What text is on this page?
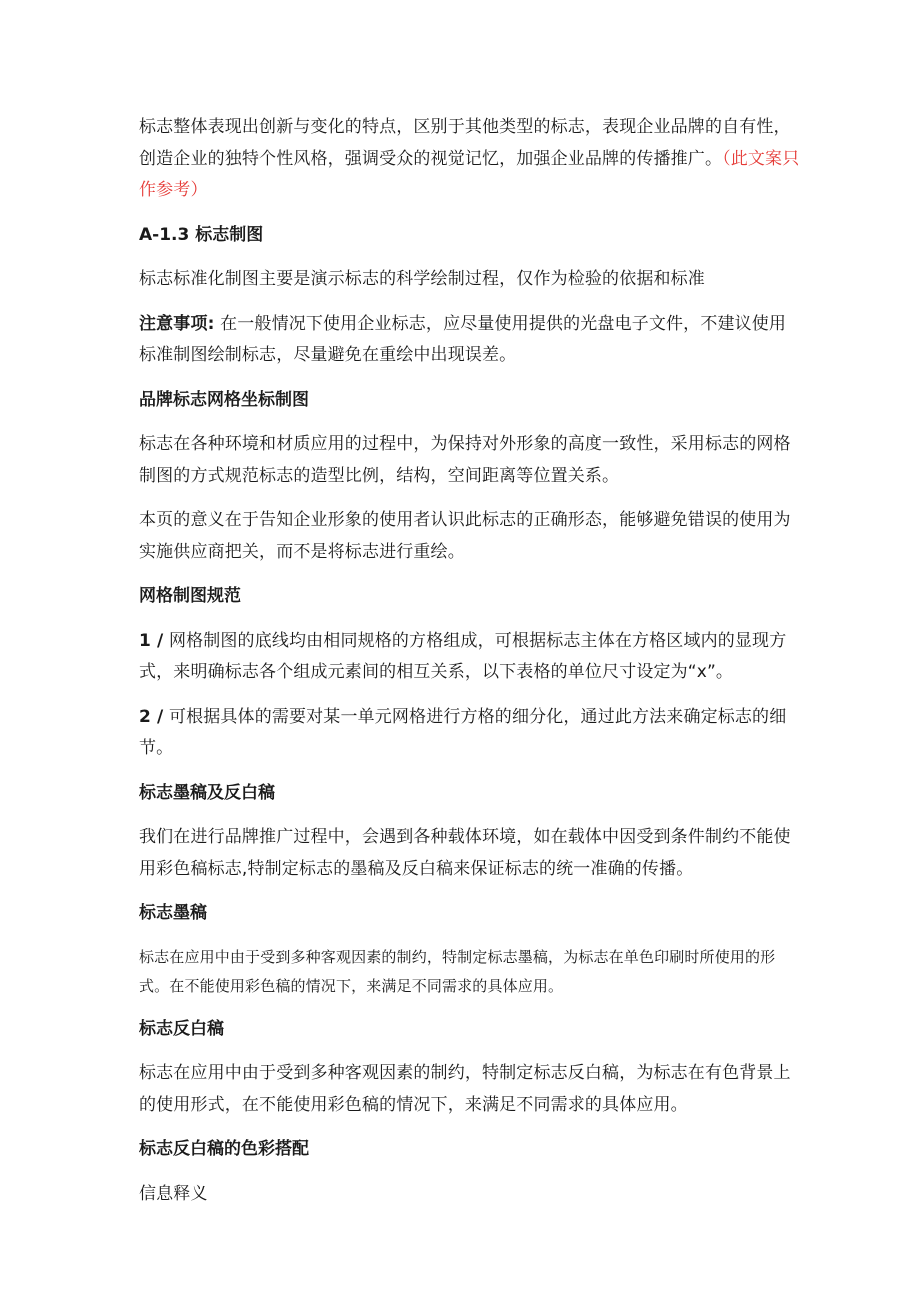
标志整体表现出创新与变化的特点，区别于其他类型的标志，表现企业品牌的自有性，创造企业的独特个性风格，强调受众的视觉记忆，加强企业品牌的传播推广。（此文案只作参考）

A-1.3 标志制图

标志标准化制图主要是演示标志的科学绘制过程，仅作为检验的依据和标准

注意事项: 在一般情况下使用企业标志，应尽量使用提供的光盘电子文件，不建议使用标准制图绘制标志，尽量避免在重绘中出现误差。

品牌标志网格坐标制图

标志在各种环境和材质应用的过程中，为保持对外形象的高度一致性，采用标志的网格制图的方式规范标志的造型比例，结构，空间距离等位置关系。

本页的意义在于告知企业形象的使用者认识此标志的正确形态，能够避免错误的使用为实施供应商把关，而不是将标志进行重绘。

网格制图规范

1 / 网格制图的底线均由相同规格的方格组成，可根据标志主体在方格区域内的显现方式，来明确标志各个组成元素间的相互关系，以下表格的单位尺寸设定为“x”。

2 / 可根据具体的需要对某一单元网格进行方格的细分化，通过此方法来确定标志的细节。

标志墨稿及反白稿

我们在进行品牌推广过程中，会遇到各种载体环境，如在载体中因受到条件制约不能使用彩色稿标志,特制定标志的墨稿及反白稿来保证标志的统一准确的传播。

标志墨稿

标志在应用中由于受到多种客观因素的制约，特制定标志墨稿，为标志在单色印刷时所使用的形式。在不能使用彩色稿的情况下，来满足不同需求的具体应用。

标志反白稿

标志在应用中由于受到多种客观因素的制约，特制定标志反白稿，为标志在有色背景上的使用形式，在不能使用彩色稿的情况下，来满足不同需求的具体应用。

标志反白稿的色彩搭配

信息释义
